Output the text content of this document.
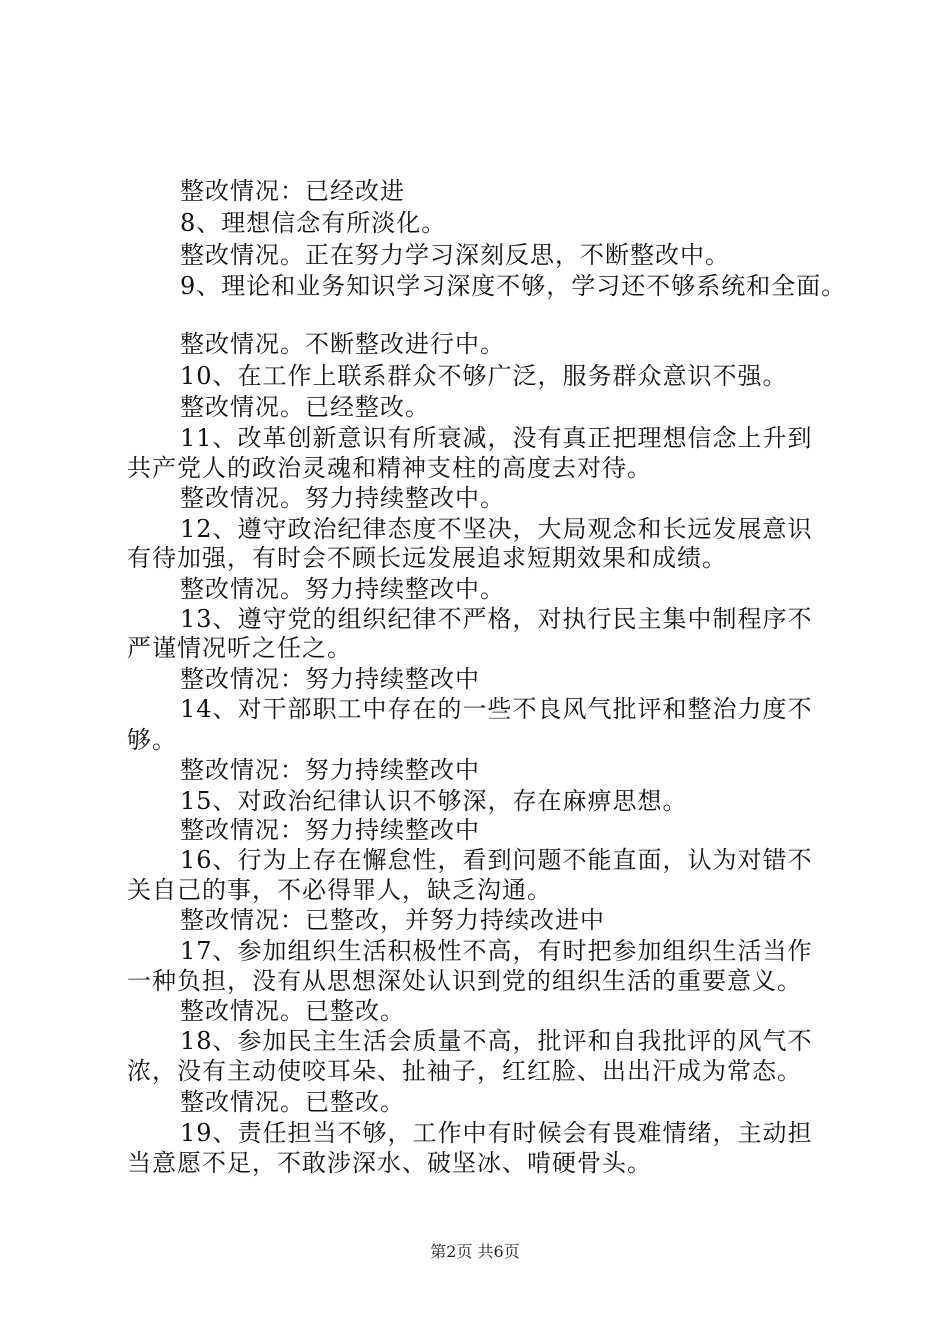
整改情况：已经改进
8、理想信念有所淡化。
整改情况。正在努力学习深刻反思，不断整改中。
9、理论和业务知识学习深度不够，学习还不够系统和全面。
整改情况。不断整改进行中。
10、在工作上联系群众不够广泛，服务群众意识不强。
整改情况。已经整改。
11、改革创新意识有所衰减，没有真正把理想信念上升到
共产党人的政治灵魂和精神支柱的高度去对待。
整改情况。努力持续整改中。
12、遵守政治纪律态度不坚决，大局观念和长远发展意识
有待加强，有时会不顾长远发展追求短期效果和成绩。
整改情况。努力持续整改中。
13、遵守党的组织纪律不严格，对执行民主集中制程序不
严谨情况听之任之。
整改情况：努力持续整改中
14、对干部职工中存在的一些不良风气批评和整治力度不
够。
整改情况：努力持续整改中
15、对政治纪律认识不够深，存在麻痹思想。
整改情况：努力持续整改中
16、行为上存在懈怠性，看到问题不能直面，认为对错不
关自己的事，不必得罪人，缺乏沟通。
整改情况：已整改，并努力持续改进中
17、参加组织生活积极性不高，有时把参加组织生活当作
一种负担，没有从思想深处认识到党的组织生活的重要意义。
整改情况。已整改。
18、参加民主生活会质量不高，批评和自我批评的风气不
浓，没有主动使咬耳朵、扯袖子，红红脸、出出汗成为常态。
整改情况。已整改。
19、责任担当不够，工作中有时候会有畏难情绪，主动担
当意愿不足，不敢涉深水、破坚冰、啃硬骨头。
第2页 共6页
